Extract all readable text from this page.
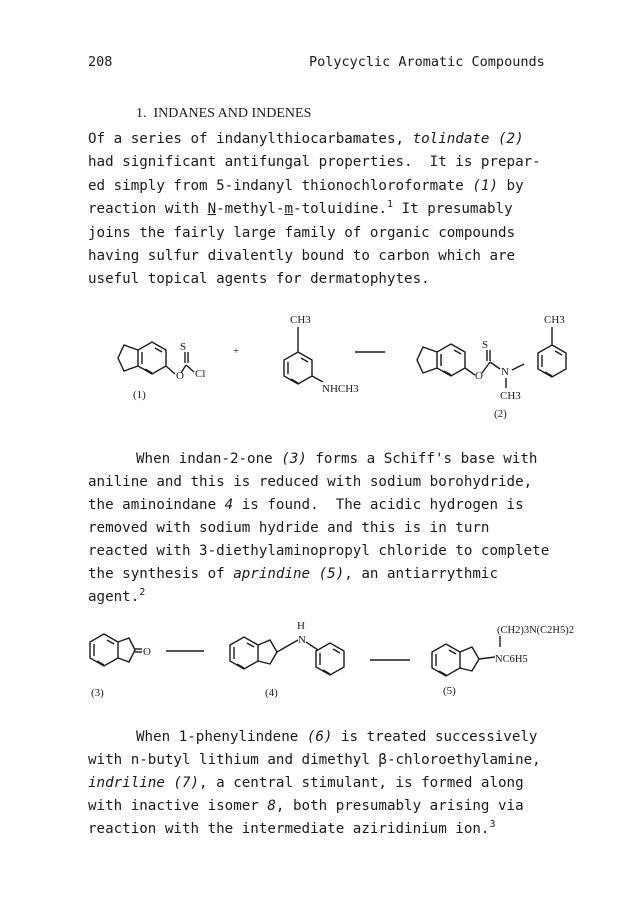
208	Polycyclic Aromatic Compounds
1. INDANES AND INDENES
Of a series of indanylthiocarbamates, tolindate (2)
had significant antifungal properties.  It is prepar-
ed simply from 5-indanyl thionochloroformate (1) by
reaction with N-methyl-m-toluidine.$^1$ It presumably
joins the fairly large family of organic compounds
having sulfur divalently bound to carbon which are
useful topical agents for dermatophytes.
S
O Cl
+
CH3
NHCH3
S
O N
CH3
CH3
(1)
(2)
When indan-2-one (3) forms a Schiff's base with
aniline and this is reduced with sodium borohydride,
the aminoindane 4 is found.  The acidic hydrogen is
removed with sodium hydride and this is in turn
reacted with 3-diethylaminopropyl chloride to complete
the synthesis of aprindine (5), an antiarrythmic
agent.$^2$
O
H
N
(CH2)3N(C2H5)2
NC6H5
(3)	(4)	(5)
When 1-phenylindene (6) is treated successively
with n-butyl lithium and dimethyl β-chloroethylamine,
indriline (7), a central stimulant, is formed along
with inactive isomer 8, both presumably arising via
reaction with the intermediate aziridinium ion.$^3$
